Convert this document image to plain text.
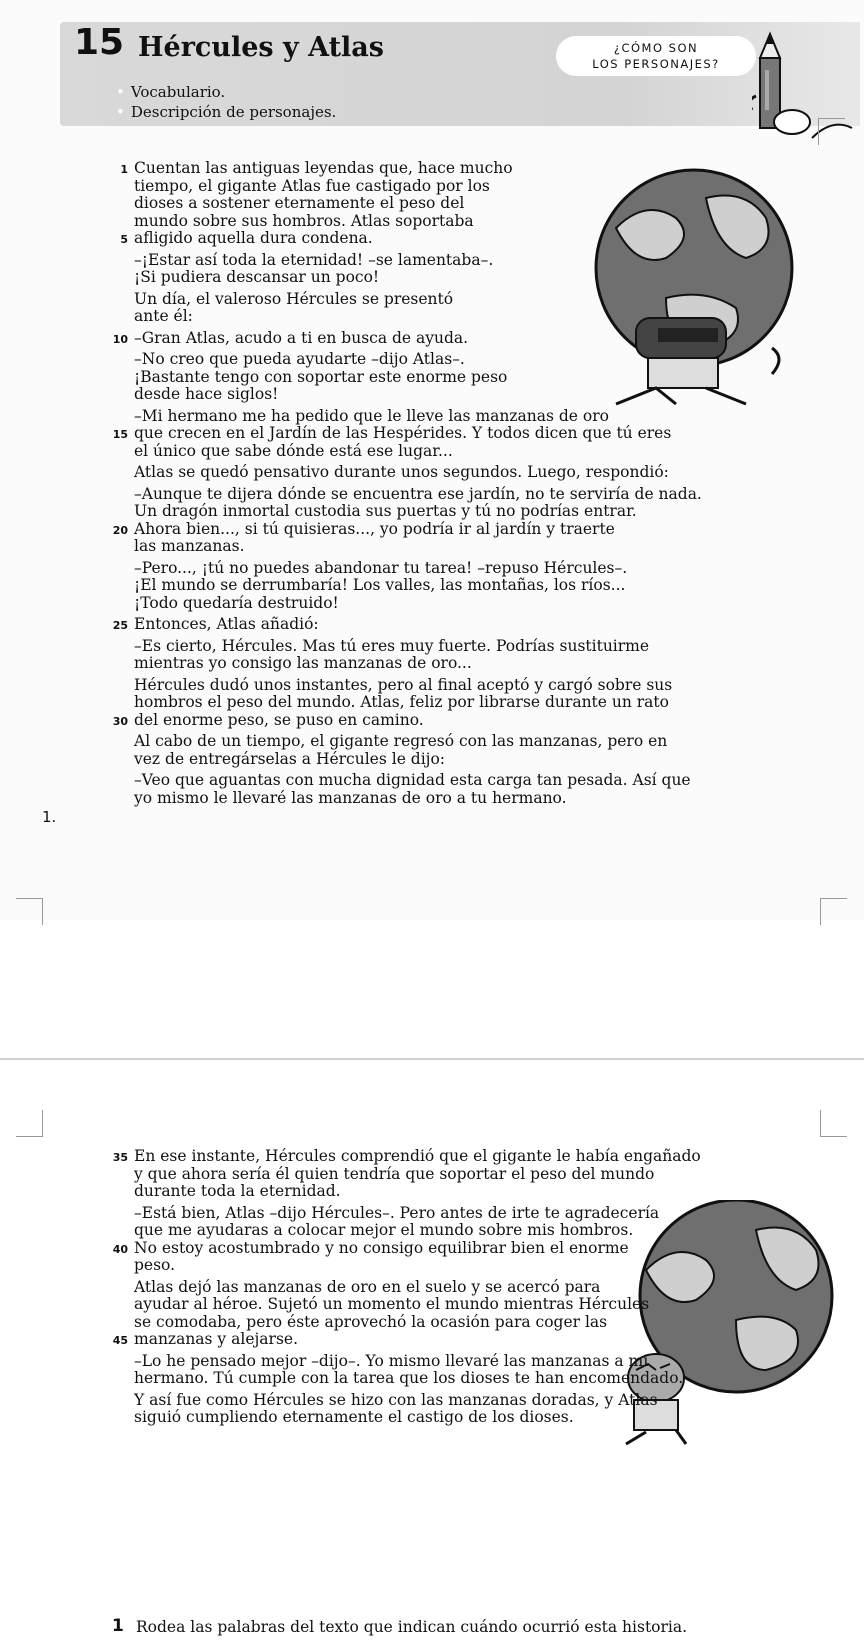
15 Hércules y Atlas	¿CÓMO SON
LOS PERSONAJES?
• Vocabulario.
• Descripción de personajes.
1 Cuentan las antiguas leyendas que, hace mucho
tiempo, el gigante Atlas fue castigado por los
dioses a sostener eternamente el peso del
mundo sobre sus hombros. Atlas soportaba
5 afligido aquella dura condena.
–¡Estar así toda la eternidad! –se lamentaba–.
¡Si pudiera descansar un poco!
Un día, el valeroso Hércules se presentó
ante él:
10 –Gran Atlas, acudo a ti en busca de ayuda.
–No creo que pueda ayudarte –dijo Atlas–.
¡Bastante tengo con soportar este enorme peso
desde hace siglos!
–Mi hermano me ha pedido que le lleve las manzanas de oro
15 que crecen en el Jardín de las Hespérides. Y todos dicen que tú eres
el único que sabe dónde está ese lugar...
Atlas se quedó pensativo durante unos segundos. Luego, respondió:
–Aunque te dijera dónde se encuentra ese jardín, no te serviría de nada.
Un dragón inmortal custodia sus puertas y tú no podrías entrar.
20 Ahora bien..., si tú quisieras..., yo podría ir al jardín y traerte
las manzanas.
–Pero..., ¡tú no puedes abandonar tu tarea! –repuso Hércules–.
¡El mundo se derrumbaría! Los valles, las montañas, los ríos...
¡Todo quedaría destruido!
25 Entonces, Atlas añadió:
–Es cierto, Hércules. Mas tú eres muy fuerte. Podrías sustituirme
mientras yo consigo las manzanas de oro...
Hércules dudó unos instantes, pero al final aceptó y cargó sobre sus
hombros el peso del mundo. Atlas, feliz por librarse durante un rato
30 del enorme peso, se puso en camino.
Al cabo de un tiempo, el gigante regresó con las manzanas, pero en
vez de entregárselas a Hércules le dijo:
–Veo que aguantas con mucha dignidad esta carga tan pesada. Así que
yo mismo le llevaré las manzanas de oro a tu hermano.
1.
35 En ese instante, Hércules comprendió que el gigante le había engañado
y que ahora sería él quien tendría que soportar el peso del mundo
durante toda la eternidad.
–Está bien, Atlas –dijo Hércules–. Pero antes de irte te agradecería
que me ayudaras a colocar mejor el mundo sobre mis hombros.
40 No estoy acostumbrado y no consigo equilibrar bien el enorme
peso.
Atlas dejó las manzanas de oro en el suelo y se acercó para
ayudar al héroe. Sujetó un momento el mundo mientras Hércules
se comodaba, pero éste aprovechó la ocasión para coger las
45 manzanas y alejarse.
–Lo he pensado mejor –dijo–. Yo mismo llevaré las manzanas a mi
hermano. Tú cumple con la tarea que los dioses te han encomendado.
Y así fue como Hércules se hizo con las manzanas doradas, y Atlas
siguió cumpliendo eternamente el castigo de los dioses.
1 Rodea las palabras del texto que indican cuándo ocurrió esta historia.
